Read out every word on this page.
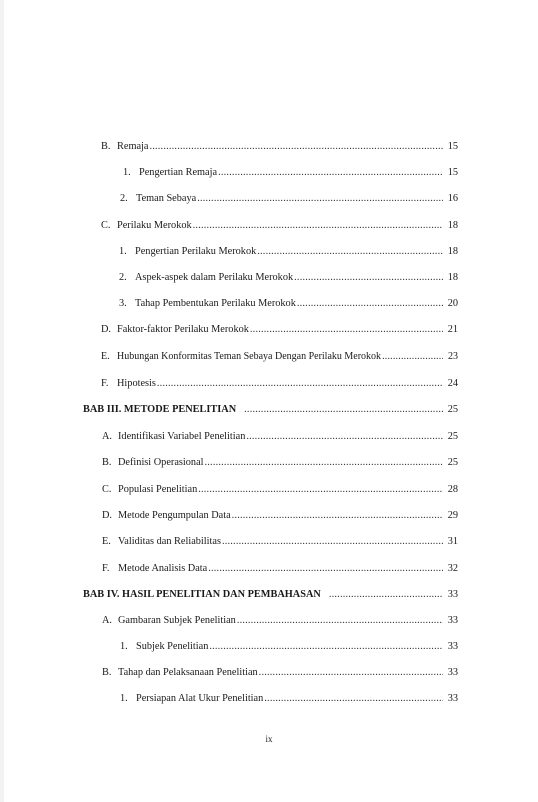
B. Remaja .....	15
1. Pengertian Remaja .....	15
2. Teman Sebaya .....	16
C. Perilaku Merokok .....	18
1. Pengertian Perilaku Merokok .....	18
2. Aspek-aspek dalam Perilaku Merokok .....	18
3. Tahap Pembentukan Perilaku Merokok .....	20
D. Faktor-faktor Perilaku Merokok .....	21
E. Hubungan Konformitas Teman Sebaya Dengan Perilaku Merokok .....	23
F. Hipotesis .....	24
BAB III. METODE PENELITIAN .....	25
A. Identifikasi Variabel Penelitian .....	25
B. Definisi Operasional .....	25
C. Populasi Penelitian .....	28
D. Metode Pengumpulan Data .....	29
E. Validitas dan Reliabilitas .....	31
F. Metode Analisis Data .....	32
BAB IV. HASIL PENELITIAN DAN PEMBAHASAN .....	33
A. Gambaran Subjek Penelitian .....	33
1. Subjek Penelitian .....	33
B. Tahap dan Pelaksanaan Penelitian .....	33
1. Persiapan Alat Ukur Penelitian .....	33
ix
